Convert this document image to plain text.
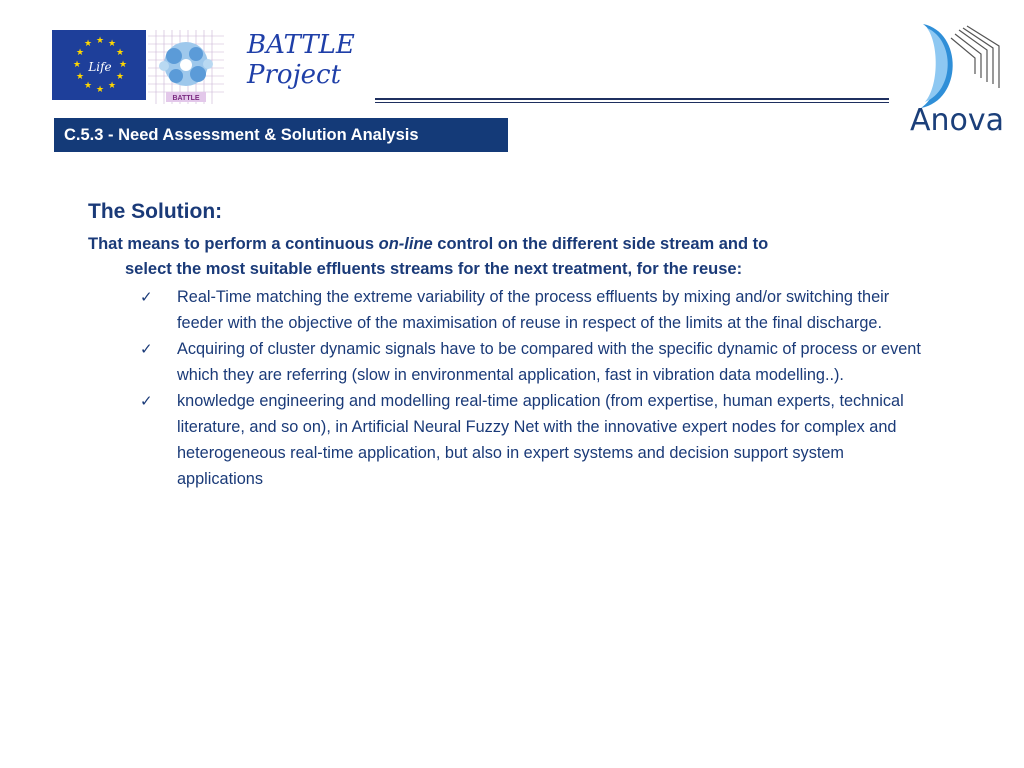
★ ★
★
★
★
★
★
★
★
★
★
★
Life
BATTLE
BATTLE
Project
Anova
C.5.3 - Need Assessment & Solution Analysis
The Solution:
That means to perform a continuous on-line control on the different side stream and to
select the most suitable effluents streams for the next treatment, for the reuse:
✓ Real-Time matching the extreme variability of the process effluents by mixing and/or switching their feeder with the objective of the maximisation of reuse in respect of the limits at the final discharge.
✓ Acquiring of cluster dynamic signals have to be compared with the specific dynamic of process or event which they are referring (slow in environmental application, fast in vibration data modelling..).
✓ knowledge engineering and modelling real-time application (from expertise, human experts, technical literature, and so on), in Artificial Neural Fuzzy Net with the innovative expert nodes for complex and heterogeneous real-time application, but also in expert systems and decision support system applications
